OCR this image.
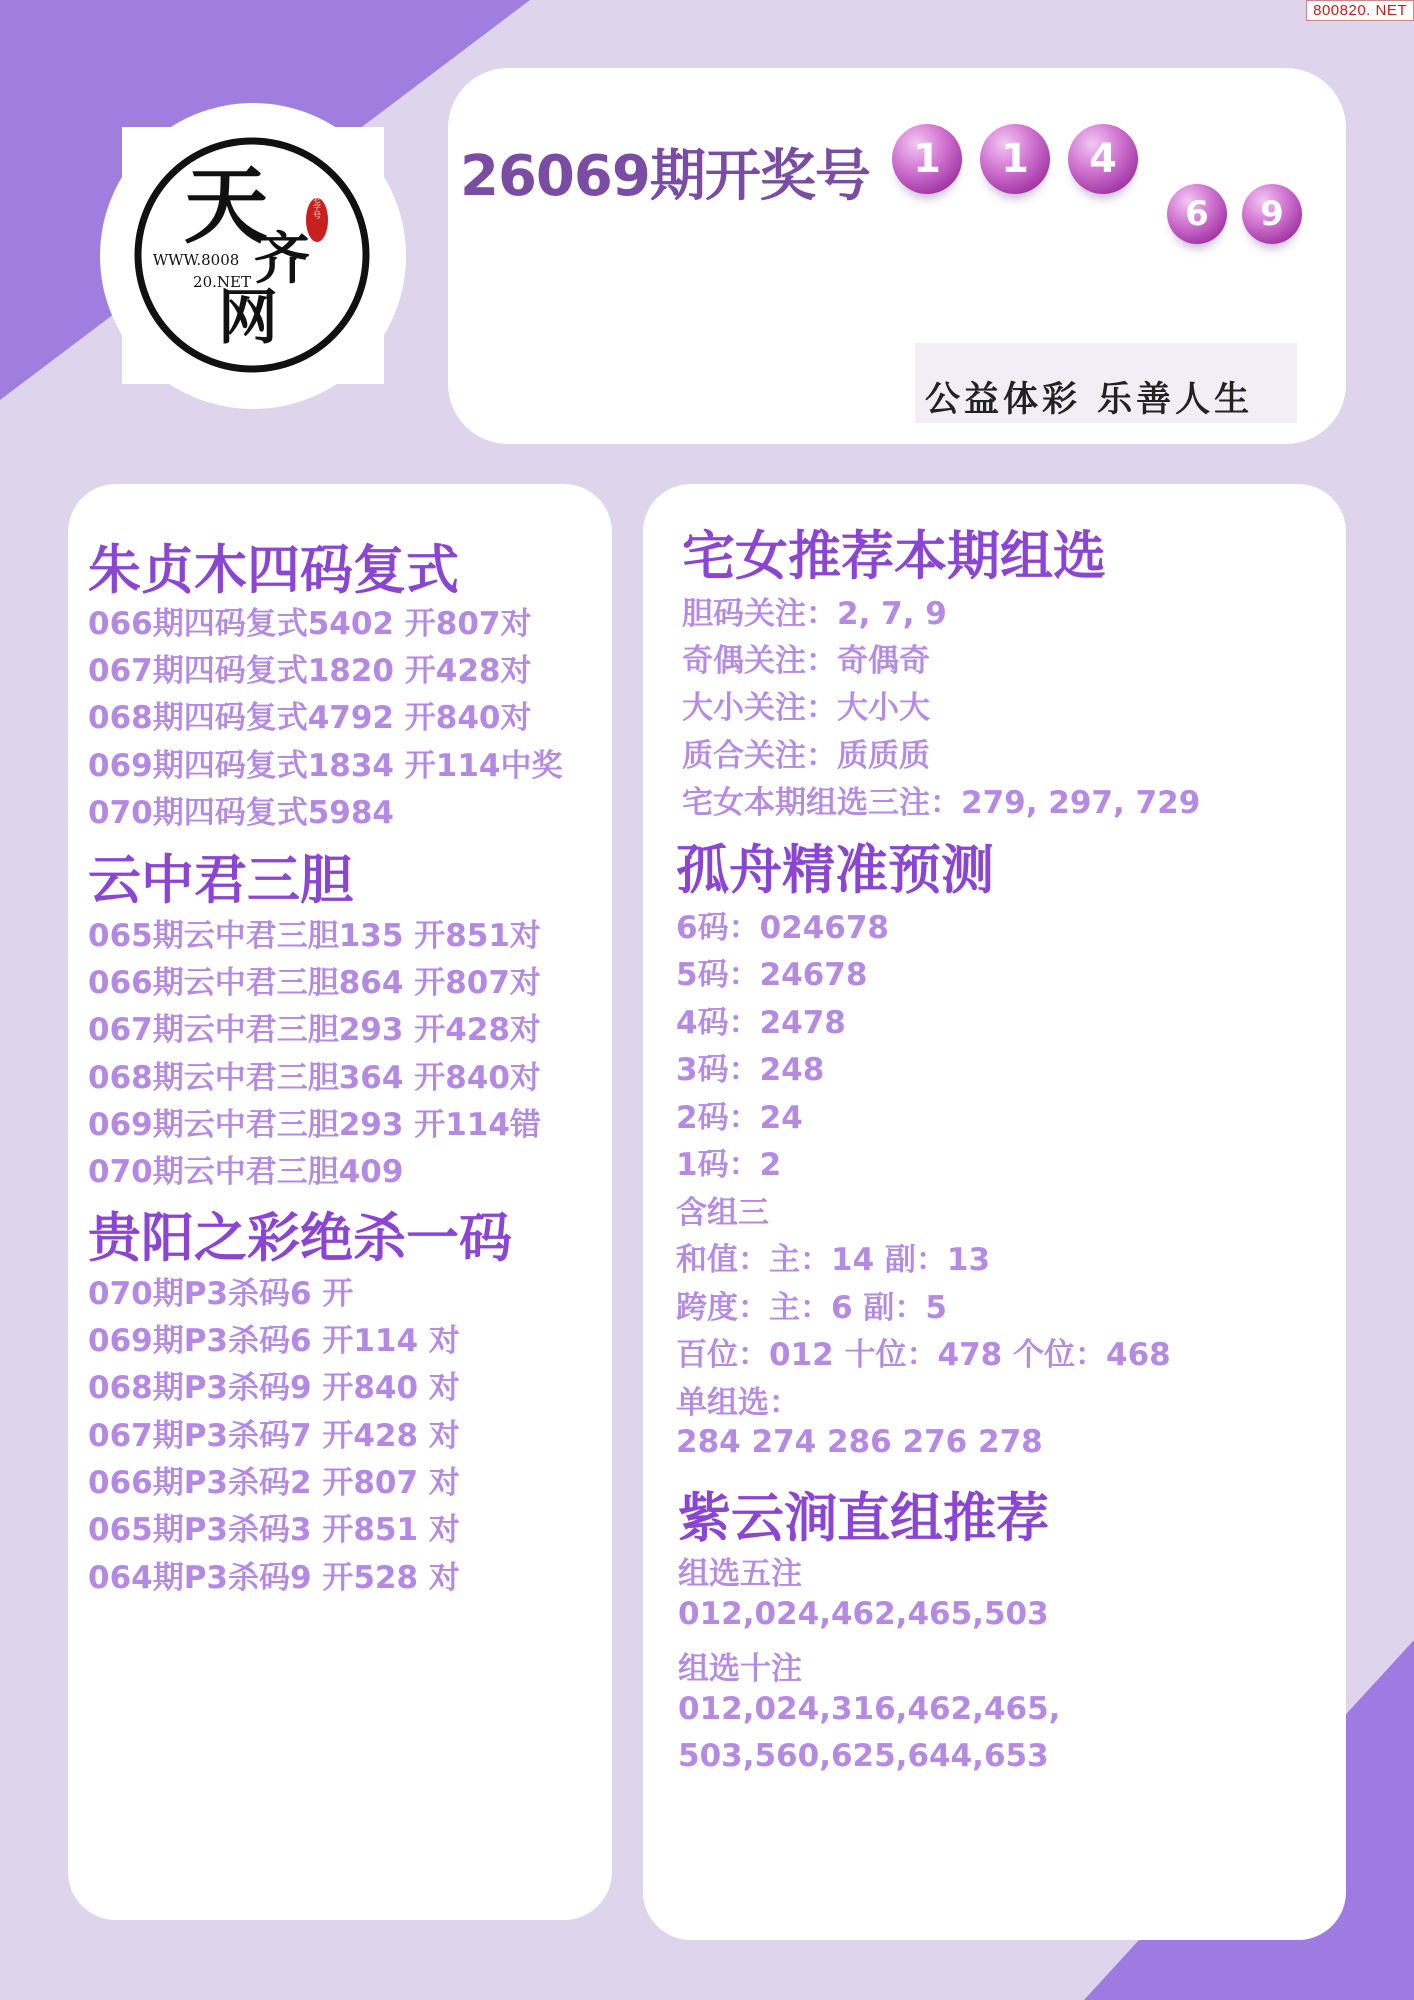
800820. NET
天
齐
网
WWW.8008
20.NET
老字号 26069期开奖号	1	1	4
6	9
公益体彩 乐善人生
朱贞木四码复式
066期四码复式5402 开807对
067期四码复式1820 开428对
068期四码复式4792 开840对
069期四码复式1834 开114中奖
070期四码复式5984
云中君三胆
065期云中君三胆135 开851对
066期云中君三胆864 开807对
067期云中君三胆293 开428对
068期云中君三胆364 开840对
069期云中君三胆293 开114错
070期云中君三胆409
贵阳之彩绝杀一码
070期P3杀码6 开
069期P3杀码6 开114 对
068期P3杀码9 开840 对
067期P3杀码7 开428 对
066期P3杀码2 开807 对
065期P3杀码3 开851 对
064期P3杀码9 开528 对
宅女推荐本期组选
胆码关注：2, 7, 9
奇偶关注：奇偶奇
大小关注：大小大
质合关注：质质质
宅女本期组选三注：279, 297, 729
孤舟精准预测
6码：024678
5码：24678
4码：2478
3码：248
2码：24
1码：2
含组三
和值：主：14 副：13
跨度：主：6 副：5
百位：012 十位：478 个位：468
单组选：
284 274 286 276 278
紫云涧直组推荐
组选五注
012,024,462,465,503
组选十注
012,024,316,462,465,
503,560,625,644,653
